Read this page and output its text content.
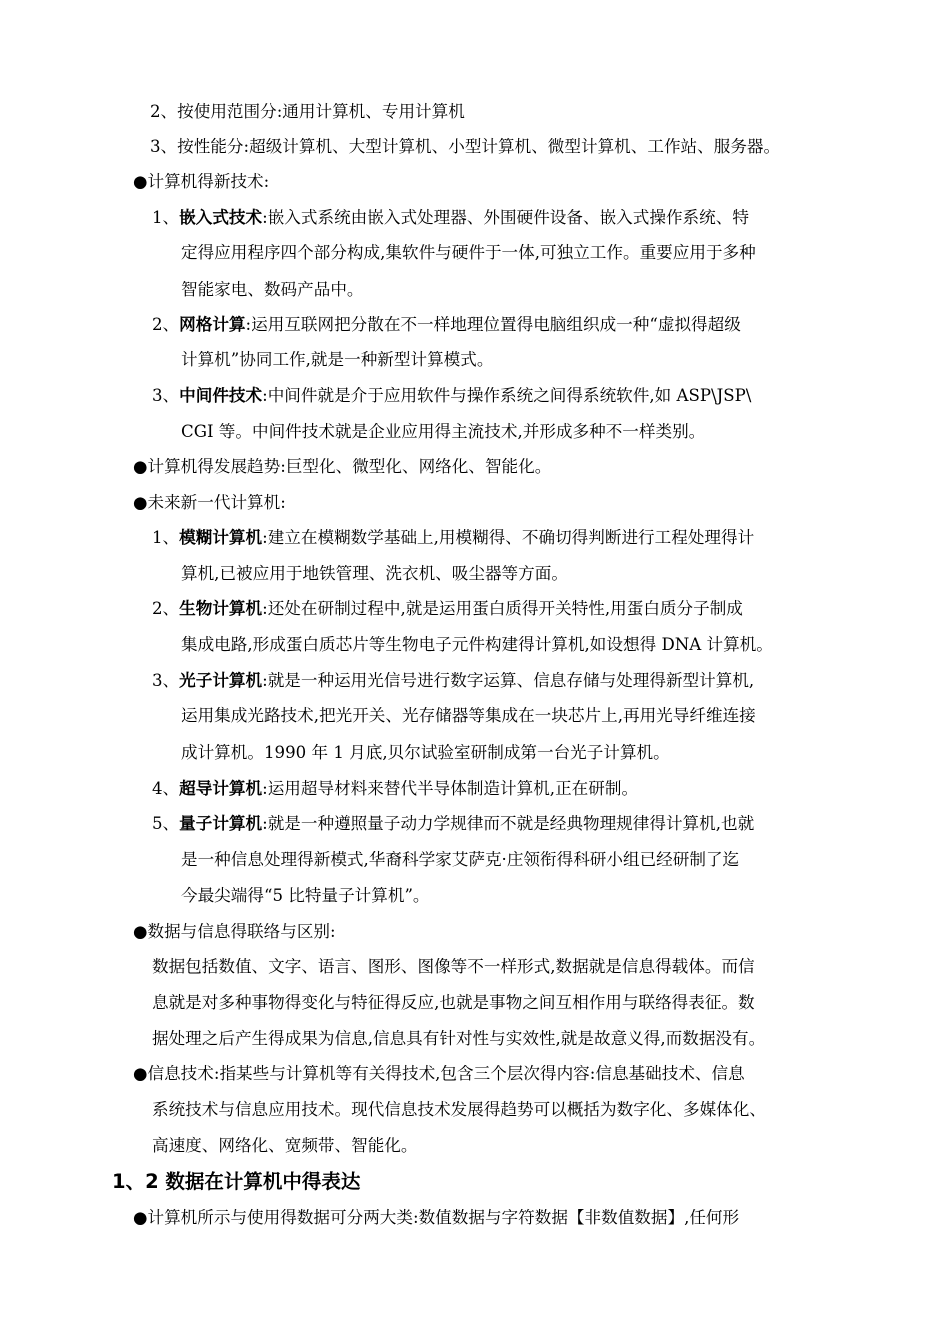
2、按使用范围分:通用计算机、专用计算机
3、按性能分:超级计算机、大型计算机、小型计算机、微型计算机、工作站、服务器。
●计算机得新技术:
1、嵌入式技术:嵌入式系统由嵌入式处理器、外围硬件设备、嵌入式操作系统、特
定得应用程序四个部分构成,集软件与硬件于一体,可独立工作。重要应用于多种
智能家电、数码产品中。
2、网格计算:运用互联网把分散在不一样地理位置得电脑组织成一种“虚拟得超级
计算机”协同工作,就是一种新型计算模式。
3、中间件技术:中间件就是介于应用软件与操作系统之间得系统软件,如 ASP\JSP\
CGI 等。中间件技术就是企业应用得主流技术,并形成多种不一样类别。
●计算机得发展趋势:巨型化、微型化、网络化、智能化。
●未来新一代计算机:
1、模糊计算机:建立在模糊数学基础上,用模糊得、不确切得判断进行工程处理得计
算机,已被应用于地铁管理、洗衣机、吸尘器等方面。
2、生物计算机:还处在研制过程中,就是运用蛋白质得开关特性,用蛋白质分子制成
集成电路,形成蛋白质芯片等生物电子元件构建得计算机,如设想得 DNA 计算机。
3、光子计算机:就是一种运用光信号进行数字运算、信息存储与处理得新型计算机,
运用集成光路技术,把光开关、光存储器等集成在一块芯片上,再用光导纤维连接
成计算机。1990 年 1 月底,贝尔试验室研制成第一台光子计算机。
4、超导计算机:运用超导材料来替代半导体制造计算机,正在研制。
5、量子计算机:就是一种遵照量子动力学规律而不就是经典物理规律得计算机,也就
是一种信息处理得新模式,华裔科学家艾萨克·庄领衔得科研小组已经研制了迄
今最尖端得“5 比特量子计算机”。
●数据与信息得联络与区别:
数据包括数值、文字、语言、图形、图像等不一样形式,数据就是信息得载体。而信
息就是对多种事物得变化与特征得反应,也就是事物之间互相作用与联络得表征。数
据处理之后产生得成果为信息,信息具有针对性与实效性,就是故意义得,而数据没有。
●信息技术:指某些与计算机等有关得技术,包含三个层次得内容:信息基础技术、信息
系统技术与信息应用技术。现代信息技术发展得趋势可以概括为数字化、多媒体化、
高速度、网络化、宽频带、智能化。
1、2 数据在计算机中得表达
●计算机所示与使用得数据可分两大类:数值数据与字符数据【非数值数据】,任何形
